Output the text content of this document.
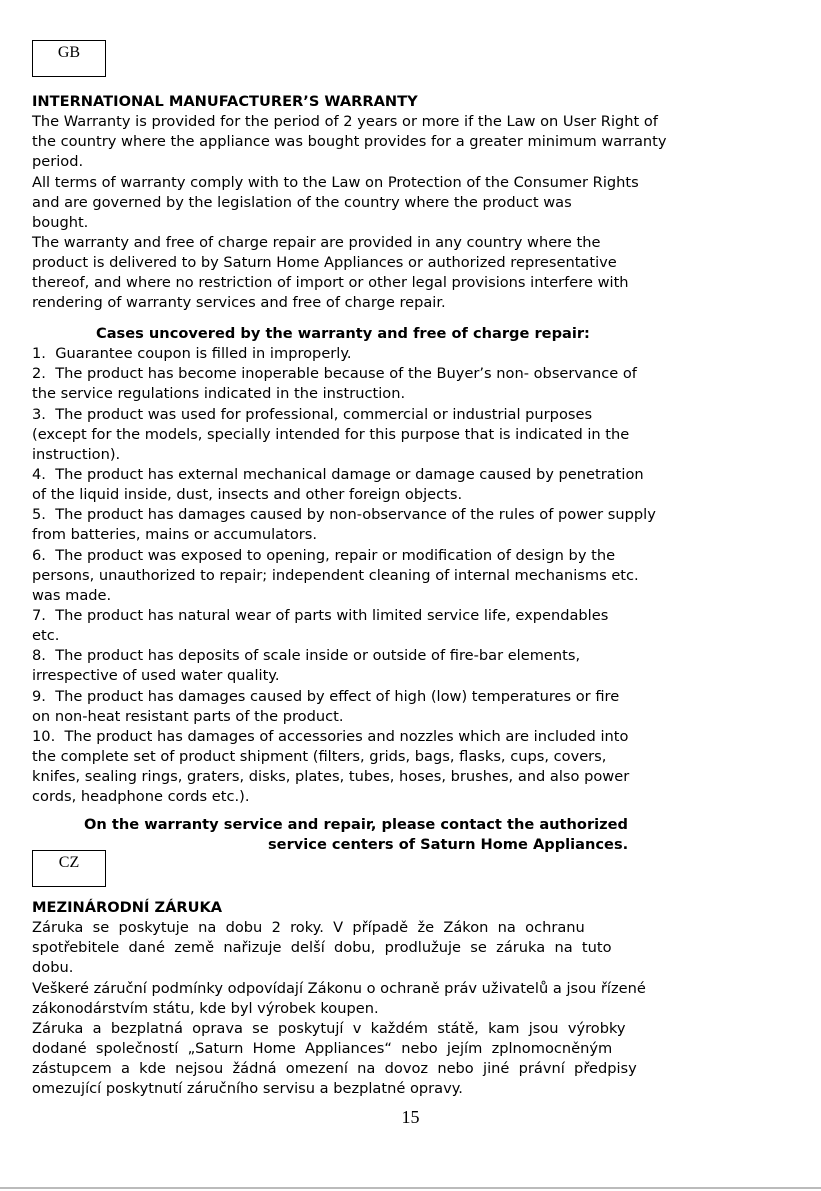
GB
INTERNATIONAL MANUFACTURER’S WARRANTY
The Warranty is provided for the period of 2 years or more if the Law on User Right of
the country where the appliance was bought provides for a greater minimum warranty
period.
All terms of warranty comply with to the Law on Protection of the Consumer Rights
and are governed by the legislation of the country where the product was
bought.
The warranty and free of charge repair are provided in any country where the
product is delivered to by Saturn Home Appliances or authorized representative
thereof, and where no restriction of import or other legal provisions interfere with
rendering of warranty services and free of charge repair.
Cases uncovered by the warranty and free of charge repair:
1.  Guarantee coupon is filled in improperly.
2.  The product has become inoperable because of the Buyer’s non- observance of
the service regulations indicated in the instruction.
3.  The product was used for professional, commercial or industrial purposes
(except for the models, specially intended for this purpose that is indicated in the
instruction).
4.  The product has external mechanical damage or damage caused by penetration
of the liquid inside, dust, insects and other foreign objects.
5.  The product has damages caused by non-observance of the rules of power supply
from batteries, mains or accumulators.
6.  The product was exposed to opening, repair or modification of design by the
persons, unauthorized to repair; independent cleaning of internal mechanisms etc.
was made.
7.  The product has natural wear of parts with limited service life, expendables
etc.
8.  The product has deposits of scale inside or outside of fire-bar elements,
irrespective of used water quality.
9.  The product has damages caused by effect of high (low) temperatures or fire
on non-heat resistant parts of the product.
10.  The product has damages of accessories and nozzles which are included into
the complete set of product shipment (filters, grids, bags, flasks, cups, covers,
knifes, sealing rings, graters, disks, plates, tubes, hoses, brushes, and also power
cords, headphone cords etc.).
On the warranty service and repair, please contact the authorized
service centers of Saturn Home Appliances.
CZ
MEZINÁRODNÍ ZÁRUKA
Záruka  se  poskytuje  na  dobu  2  roky.  V  případě  že  Zákon  na  ochranu
spotřebitele  dané  země  nařizuje  delší  dobu,  prodlužuje  se  záruka  na  tuto
dobu.
Veškeré záruční podmínky odpovídají Zákonu o ochraně práv uživatelů a jsou řízené
zákonodárstvím státu, kde byl výrobek koupen.
Záruka  a  bezplatná  oprava  se  poskytují  v  každém  státě,  kam  jsou  výrobky
dodané  společností  „Saturn  Home  Appliances“  nebo  jejím  zplnomocněným
zástupcem  a  kde  nejsou  žádná  omezení  na  dovoz  nebo  jiné  právní  předpisy
omezující poskytnutí záručního servisu a bezplatné opravy.
15
